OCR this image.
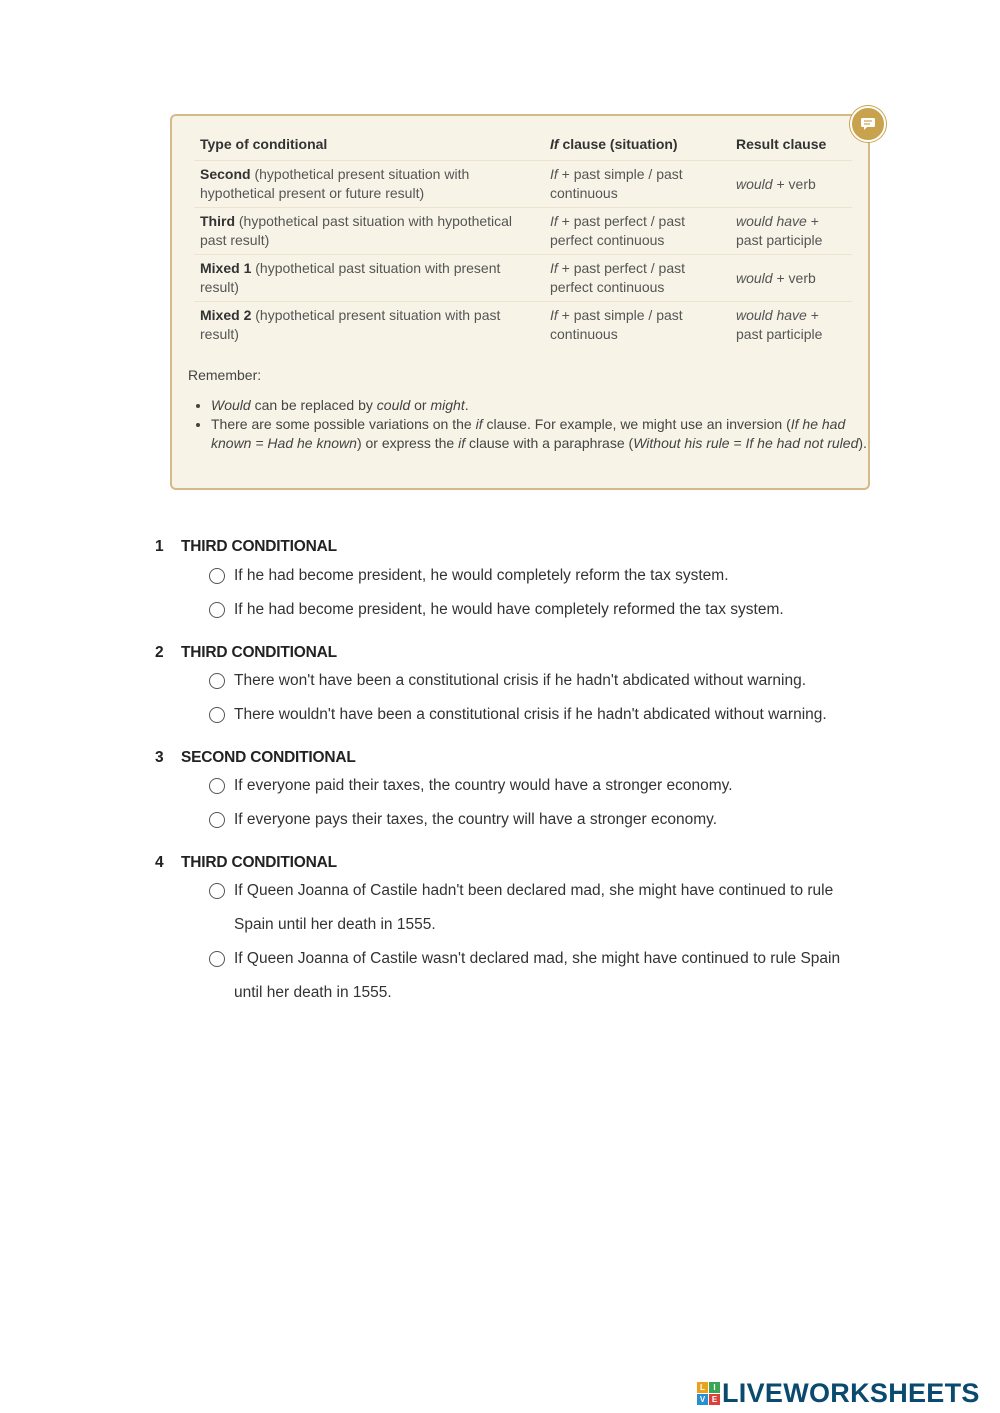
Type of conditional	If clause (situation)	Result clause
Second (hypothetical present situation with hypothetical present or future result)	If + past simple / past continuous	would + verb
Third (hypothetical past situation with hypothetical past result)	If + past perfect / past perfect continuous	would have + past participle
Mixed 1 (hypothetical past situation with present result)	If + past perfect / past perfect continuous	would + verb
Mixed 2 (hypothetical present situation with past result)	If + past simple / past continuous	would have + past participle
Remember:
• Would can be replaced by could or might.
• There are some possible variations on the if clause. For example, we might use an inversion (If he had known = Had he known) or express the if clause with a paraphrase (Without his rule = If he had not ruled).
1 THIRD CONDITIONAL
If he had become president, he would completely reform the tax system.
If he had become president, he would have completely reformed the tax system.
2 THIRD CONDITIONAL
There won't have been a constitutional crisis if he hadn't abdicated without warning.
There wouldn't have been a constitutional crisis if he hadn't abdicated without warning.
3 SECOND CONDITIONAL
If everyone paid their taxes, the country would have a stronger economy.
If everyone pays their taxes, the country will have a stronger economy.
4 THIRD CONDITIONAL
If Queen Joanna of Castile hadn't been declared mad, she might have continued to rule Spain until her death in 1555.
If Queen Joanna of Castile wasn't declared mad, she might have continued to rule Spain until her death in 1555.
L	I
V E LIVEWORKSHEETS
